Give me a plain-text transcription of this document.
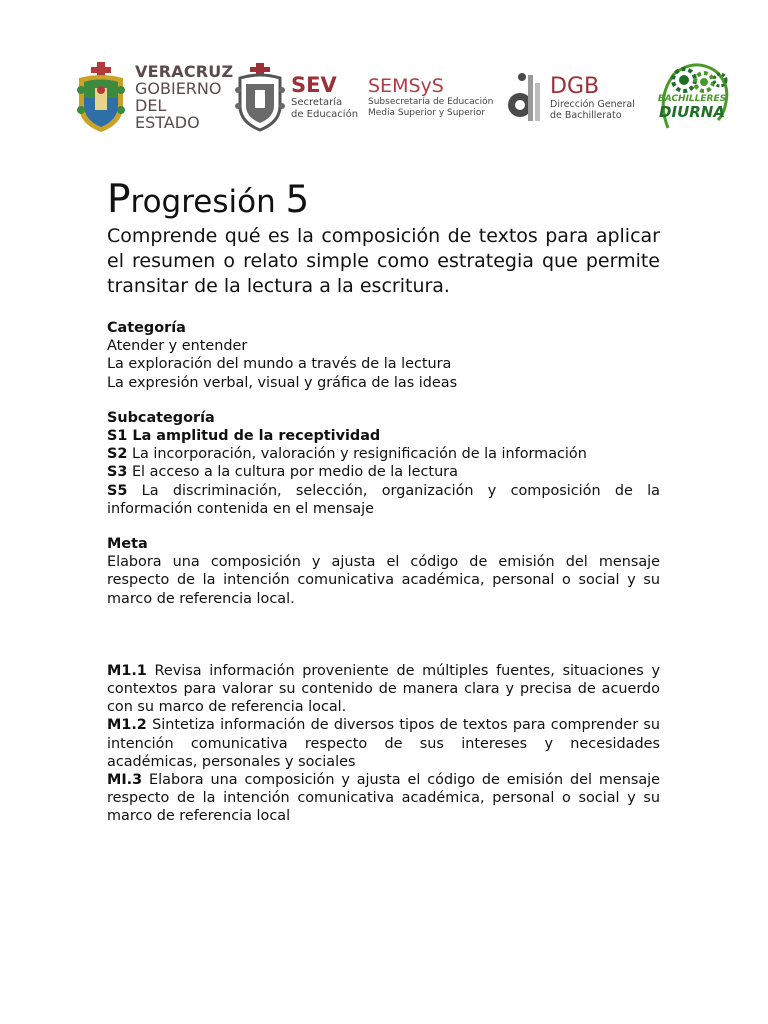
VERACRUZ
GOBIERNO
DEL ESTADO
SEV
Secretaría
de Educación
SEMSyS
Subsecretaría de Educación
Media Superior y Superior
DGB
Dirección General
de Bachillerato
BACHILLERES
DIURNA
Progresión 5

Comprende qué es la composición de textos para aplicar el resumen o relato simple como estrategia que permite transitar de la lectura a la escritura.

Categoría

Atender y entender

La exploración del mundo a través de la lectura

La expresión verbal, visual y gráfica de las ideas

Subcategoría

S1 La amplitud de la receptividad

S2 La incorporación, valoración y resignificación de la información

S3 El acceso a la cultura por medio de la lectura

S5 La discriminación, selección, organización y composición de la información contenida en el mensaje

Meta

Elabora una composición y ajusta el código de emisión del mensaje respecto de la intención comunicativa académica, personal o social y su marco de referencia local.

M1.1 Revisa información proveniente de múltiples fuentes, situaciones y contextos para valorar su contenido de manera clara y precisa de acuerdo con su marco de referencia local.

M1.2 Sintetiza información de diversos tipos de textos para comprender su intención comunicativa respecto de sus intereses y necesidades académicas, personales y sociales

MI.3 Elabora una composición y ajusta el código de emisión del mensaje respecto de la intención comunicativa académica, personal o social y su marco de referencia local
